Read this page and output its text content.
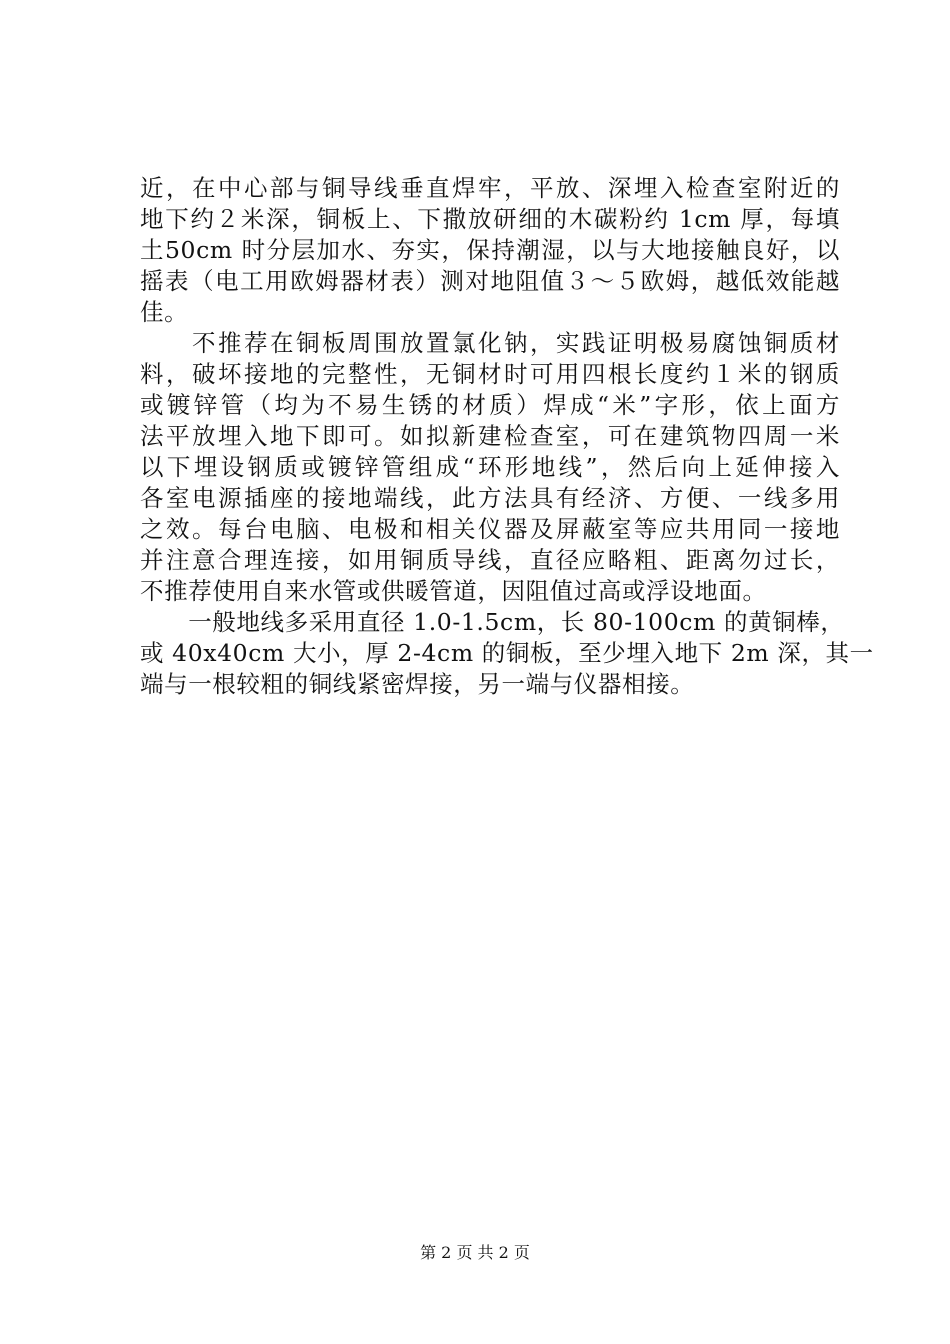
近，在中心部与铜导线垂直焊牢，平放、深埋入检查室附近的
地下约２米深，铜板上、下撒放研细的木碳粉约 1cm 厚，每填
土50cm 时分层加水、夯实，保持潮湿，以与大地接触良好，以
摇表（电工用欧姆器材表）测对地阻值３～５欧姆，越低效能越
佳。
　　不推荐在铜板周围放置氯化钠，实践证明极易腐蚀铜质材
料，破坏接地的完整性，无铜材时可用四根长度约１米的钢质
或镀锌管（均为不易生锈的材质）焊成“米”字形，依上面方
法平放埋入地下即可。如拟新建检查室，可在建筑物四周一米
以下埋设钢质或镀锌管组成“环形地线”，然后向上延伸接入
各室电源插座的接地端线，此方法具有经济、方便、一线多用
之效。每台电脑、电极和相关仪器及屏蔽室等应共用同一接地
并注意合理连接，如用铜质导线，直径应略粗、距离勿过长，
不推荐使用自来水管或供暖管道，因阻值过高或浮设地面。
　　一般地线多采用直径 1.0-1.5cm，长 80-100cm 的黄铜棒，
或 40x40cm 大小，厚 2-4cm 的铜板，至少埋入地下 2m 深，其一
端与一根较粗的铜线紧密焊接，另一端与仪器相接。
第 2 页 共 2 页
